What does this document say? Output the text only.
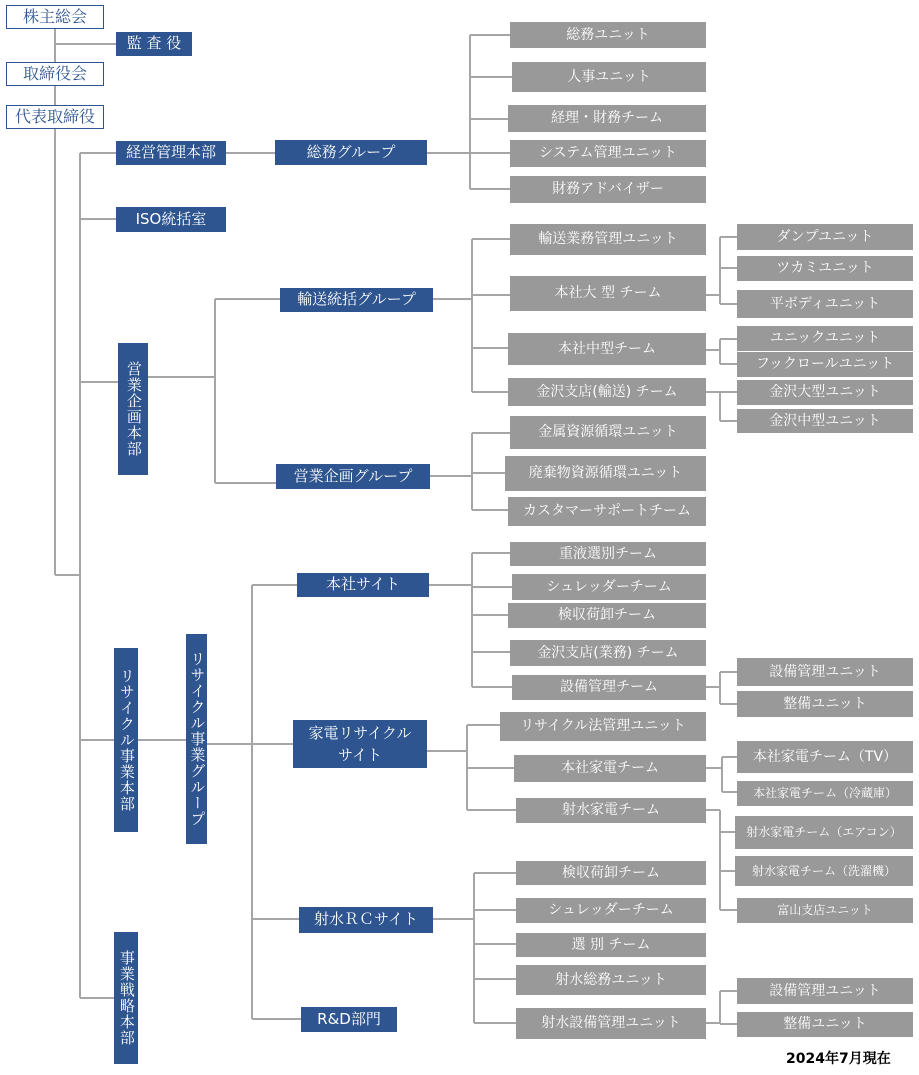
株主総会
監 査 役
取締役会
代表取締役
経営管理本部
ISO統括室
営業企画本部
リサイクル事業本部
事業戦略本部
総務グループ
輸送統括グループ
営業企画グループ
リサイクル事業グループ
総務ユニット
人事ユニット
経理・財務チーム
システム管理ユニット
財務アドバイザー
輸送業務管理ユニット
本社大 型 チーム
本社中型チーム
金沢支店(輸送) チーム
ダンプユニット
ツカミユニット
平ボディユニット
ユニックユニット
フックロールユニット
金沢大型ユニット
金沢中型ユニット
金属資源循環ユニット
廃棄物資源循環ユニット
カスタマーサポートチーム
本社サイト
家電リサイクル
サイト
射水ＲＣサイト
R&D部門
重液選別チーム
シュレッダーチーム
検収荷卸チーム
金沢支店(業務) チーム
設備管理チーム
設備管理ユニット
整備ユニット
リサイクル法管理ユニット
本社家電チーム
射水家電チーム
本社家電チーム（TV）
本社家電チーム（冷蔵庫）
射水家電チーム（エアコン）
射水家電チーム（洗濯機）
富山支店ユニット
検収荷卸チーム
シュレッダーチーム
選 別 チーム
射水総務ユニット
射水設備管理ユニット
設備管理ユニット
整備ユニット
2024年7月現在
